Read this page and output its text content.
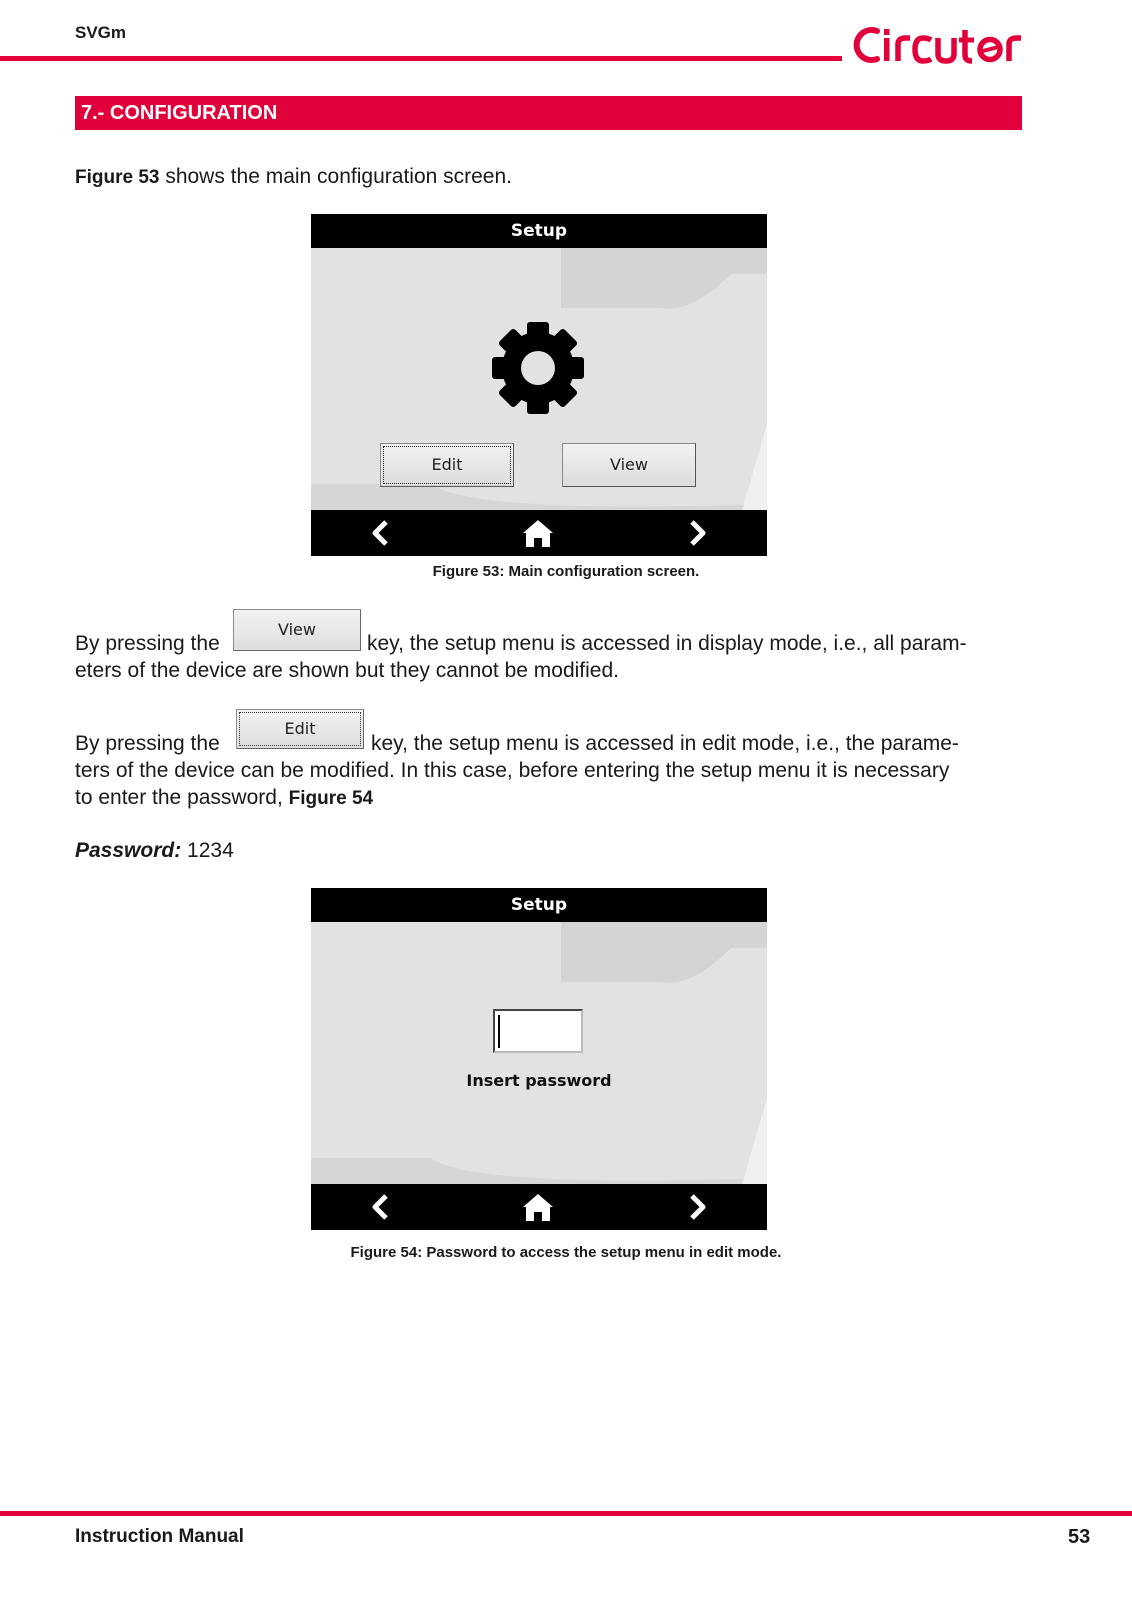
SVGm
7.- CONFIGURATION
Figure 53 shows the main configuration screen.
Setup
Edit	View
Figure 53: Main configuration screen.
By pressing the
View
key, the setup menu is accessed in display mode, i.e., all param-
eters of the device are shown but they cannot be modified.
By pressing the
Edit
key, the setup menu is accessed in edit mode, i.e., the parame-
ters of the device can be modified. In this case, before entering the setup menu it is necessary
to enter the password, Figure 54
Password: 1234
Setup
Insert password
Figure 54: Password to access the setup menu in edit mode.
Instruction Manual	53
